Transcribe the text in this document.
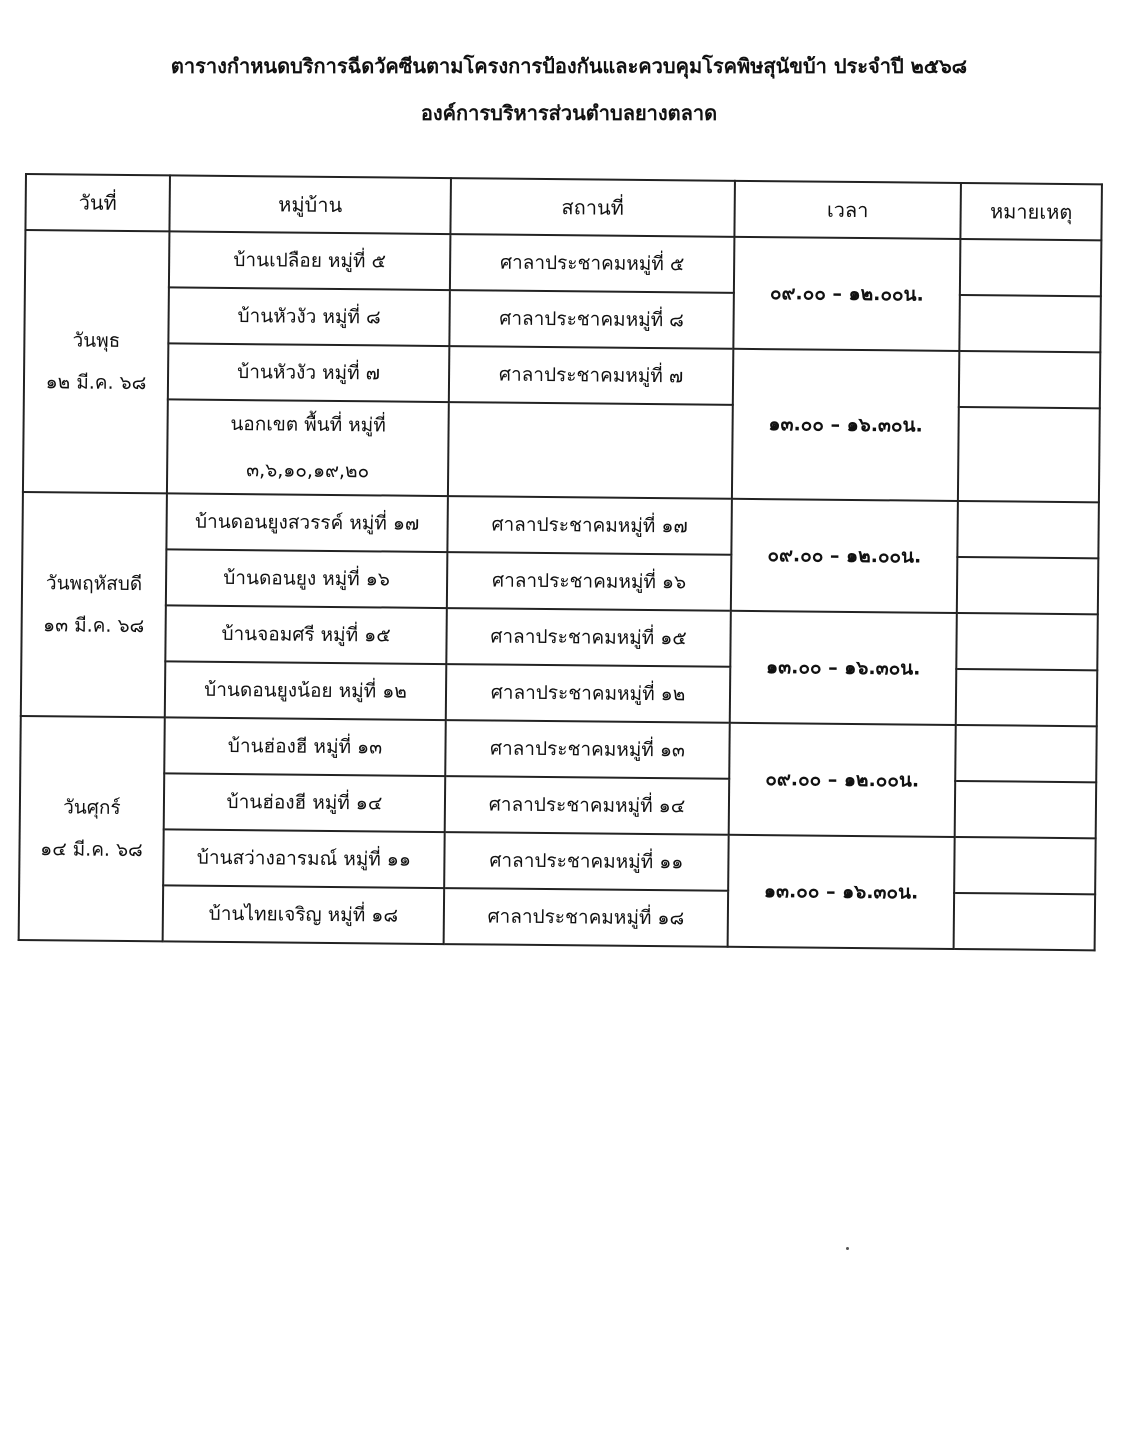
ตารางกำหนดบริการฉีดวัคซีนตามโครงการป้องกันและควบคุมโรคพิษสุนัขบ้า ประจำปี ๒๕๖๘
องค์การบริหารส่วนตำบลยางตลาด
วันที่	หมู่บ้าน	สถานที่	เวลา	หมายเหตุ

วันพุธ
๑๒ มี.ค. ๖๘	บ้านเปลือย หมู่ที่ ๕	ศาลาประชาคมหมู่ที่ ๕	๐๙.๐๐ – ๑๒.๐๐น.	
	บ้านหัวงัว หมู่ที่ ๘	ศาลาประชาคมหมู่ที่ ๘		
	บ้านหัวงัว หมู่ที่ ๗	ศาลาประชาคมหมู่ที่ ๗	๑๓.๐๐ – ๑๖.๓๐น.	

	นอกเขต พื้นที่ หมู่ที่
๓,๖,๑๐,๑๙,๒๐			

วันพฤหัสบดี
๑๓ มี.ค. ๖๘	บ้านดอนยูงสวรรค์ หมู่ที่ ๑๗	ศาลาประชาคมหมู่ที่ ๑๗	๐๙.๐๐ – ๑๒.๐๐น.	
	บ้านดอนยูง หมู่ที่ ๑๖	ศาลาประชาคมหมู่ที่ ๑๖		
	บ้านจอมศรี หมู่ที่ ๑๕	ศาลาประชาคมหมู่ที่ ๑๕	๑๓.๐๐ – ๑๖.๓๐น.	
	บ้านดอนยูงน้อย หมู่ที่ ๑๒	ศาลาประชาคมหมู่ที่ ๑๒		

วันศุกร์
๑๔ มี.ค. ๖๘	บ้านฮ่องฮี หมู่ที่ ๑๓	ศาลาประชาคมหมู่ที่ ๑๓	๐๙.๐๐ – ๑๒.๐๐น.	
	บ้านฮ่องฮี หมู่ที่ ๑๔	ศาลาประชาคมหมู่ที่ ๑๔		
	บ้านสว่างอารมณ์ หมู่ที่ ๑๑	ศาลาประชาคมหมู่ที่ ๑๑	๑๓.๐๐ – ๑๖.๓๐น.	
	บ้านไทยเจริญ หมู่ที่ ๑๘	ศาลาประชาคมหมู่ที่ ๑๘		
